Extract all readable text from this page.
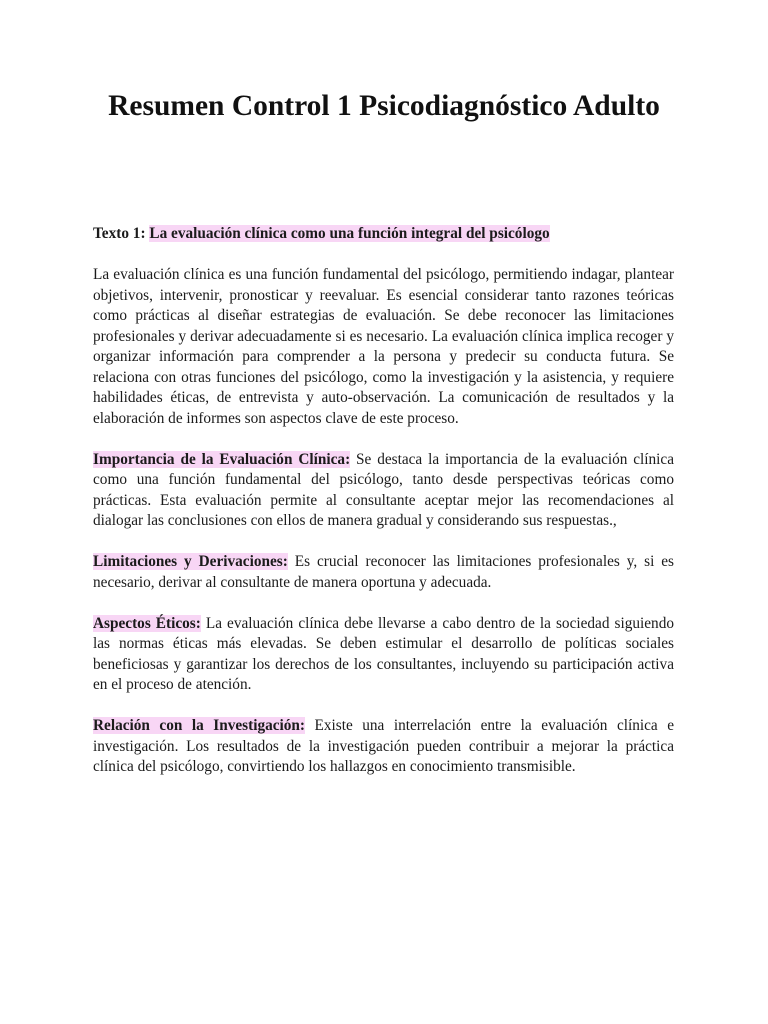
Resumen Control 1 Psicodiagnóstico Adulto

Texto 1: La evaluación clínica como una función integral del psicólogo

La evaluación clínica es una función fundamental del psicólogo, permitiendo indagar, plantear objetivos, intervenir, pronosticar y reevaluar. Es esencial considerar tanto razones teóricas como prácticas al diseñar estrategias de evaluación. Se debe reconocer las limitaciones profesionales y derivar adecuadamente si es necesario. La evaluación clínica implica recoger y organizar información para comprender a la persona y predecir su conducta futura. Se relaciona con otras funciones del psicólogo, como la investigación y la asistencia, y requiere habilidades éticas, de entrevista y auto-observación. La comunicación de resultados y la elaboración de informes son aspectos clave de este proceso.

Importancia de la Evaluación Clínica: Se destaca la importancia de la evaluación clínica como una función fundamental del psicólogo, tanto desde perspectivas teóricas como prácticas. Esta evaluación permite al consultante aceptar mejor las recomendaciones al dialogar las conclusiones con ellos de manera gradual y considerando sus respuestas.,

Limitaciones y Derivaciones: Es crucial reconocer las limitaciones profesionales y, si es necesario, derivar al consultante de manera oportuna y adecuada.

Aspectos Éticos: La evaluación clínica debe llevarse a cabo dentro de la sociedad siguiendo las normas éticas más elevadas. Se deben estimular el desarrollo de políticas sociales beneficiosas y garantizar los derechos de los consultantes, incluyendo su participación activa en el proceso de atención.

Relación con la Investigación: Existe una interrelación entre la evaluación clínica e investigación. Los resultados de la investigación pueden contribuir a mejorar la práctica clínica del psicólogo, convirtiendo los hallazgos en conocimiento transmisible.
